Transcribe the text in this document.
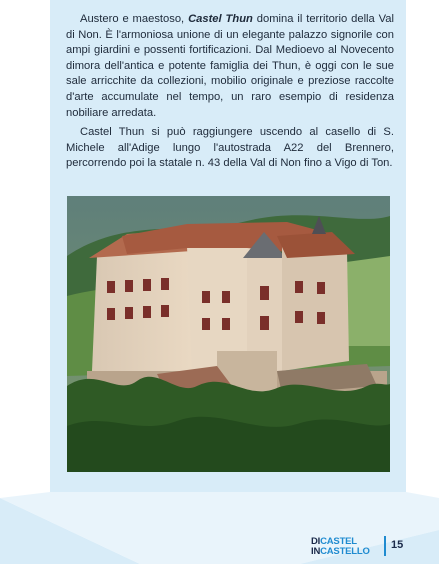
Austero e maestoso, Castel Thun domina il territorio della Val di Non. È l'armoniosa unione di un elegante palazzo signorile con ampi giardini e possenti fortificazioni. Dal Medioevo al Novecento dimora dell'antica e potente famiglia dei Thun, è oggi con le sue sale arricchite da collezioni, mobilio originale e preziose raccolte d'arte accumulate nel tempo, un raro esempio di residenza nobiliare arredata.

Castel Thun si può raggiungere uscendo al casello di S. Michele all'Adige lungo l'autostrada A22 del Brennero, percorrendo poi la statale n. 43 della Val di Non fino a Vigo di Ton.

DICASTEL
INCASTELLO	15
